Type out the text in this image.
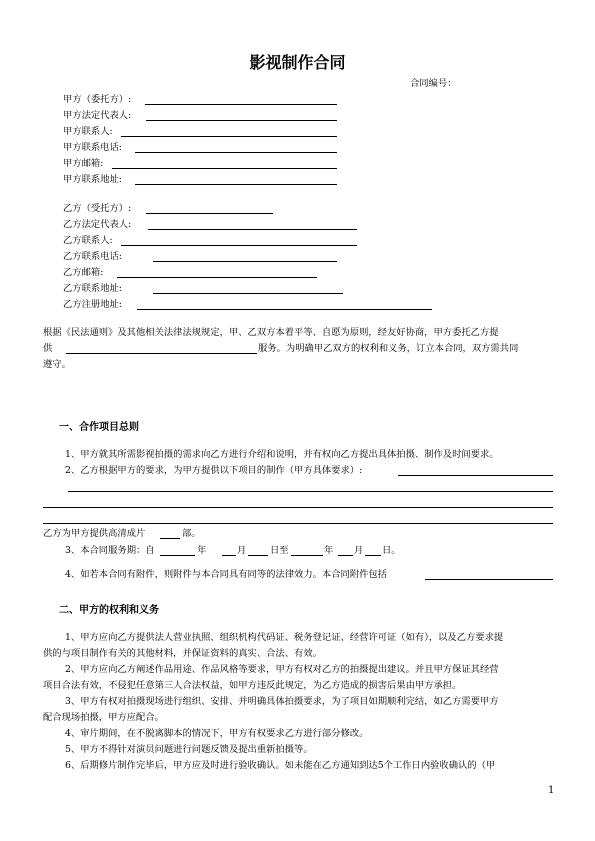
影视制作合同
合同编号：
甲方（委托方）:
甲方法定代表人:
甲方联系人:
甲方联系电话:
甲方邮箱:
甲方联系地址:
乙方（受托方）:
乙方法定代表人:
乙方联系人:
乙方联系电话:
乙方邮箱:
乙方联系地址:
乙方注册地址:
根据《民法通则》及其他相关法律法规规定，甲、乙双方本着平等、自愿为原则，经友好协商，甲方委托乙方提
供	服务。为明确甲乙双方的权利和义务，订立本合同，双方需共同
遵守。
一、合作项目总则
1、甲方就其所需影视拍摄的需求向乙方进行介绍和说明，并有权向乙方提出具体拍摄、制作及时间要求。
2、乙方根据甲方的要求，为甲方提供以下项目的制作（甲方具体要求）:
乙方为甲方提供高清成片	部。
3、本合同服务期：自	年	月	日至	年 月 日。
4、如若本合同有附件，则附件与本合同具有同等的法律效力。本合同附件包括
二、甲方的权利和义务
1、甲方应向乙方提供法人营业执照、组织机构代码证、税务登记证、经营许可证（如有），以及乙方要求提
供的与项目制作有关的其他材料，并保证资料的真实、合法、有效。
2、甲方应向乙方阐述作品用途、作品风格等要求，甲方有权对乙方的拍摄提出建议。并且甲方保证其经营
项目合法有效，不侵犯任意第三人合法权益，如甲方违反此规定，为乙方造成的损害后果由甲方承担。
3、甲方有权对拍摄现场进行组织、安排、并明确具体拍摄要求，为了项目如期顺利完结，如乙方需要甲方
配合现场拍摄，甲方应配合。
4、审片期间，在不脱离脚本的情况下，甲方有权要求乙方进行部分修改。
5、甲方不得针对演员问题进行问题反馈及提出重新拍摄等。
6、后期修片制作完毕后，甲方应及时进行验收确认。如未能在乙方通知到达5个工作日内验收确认的（甲
1
